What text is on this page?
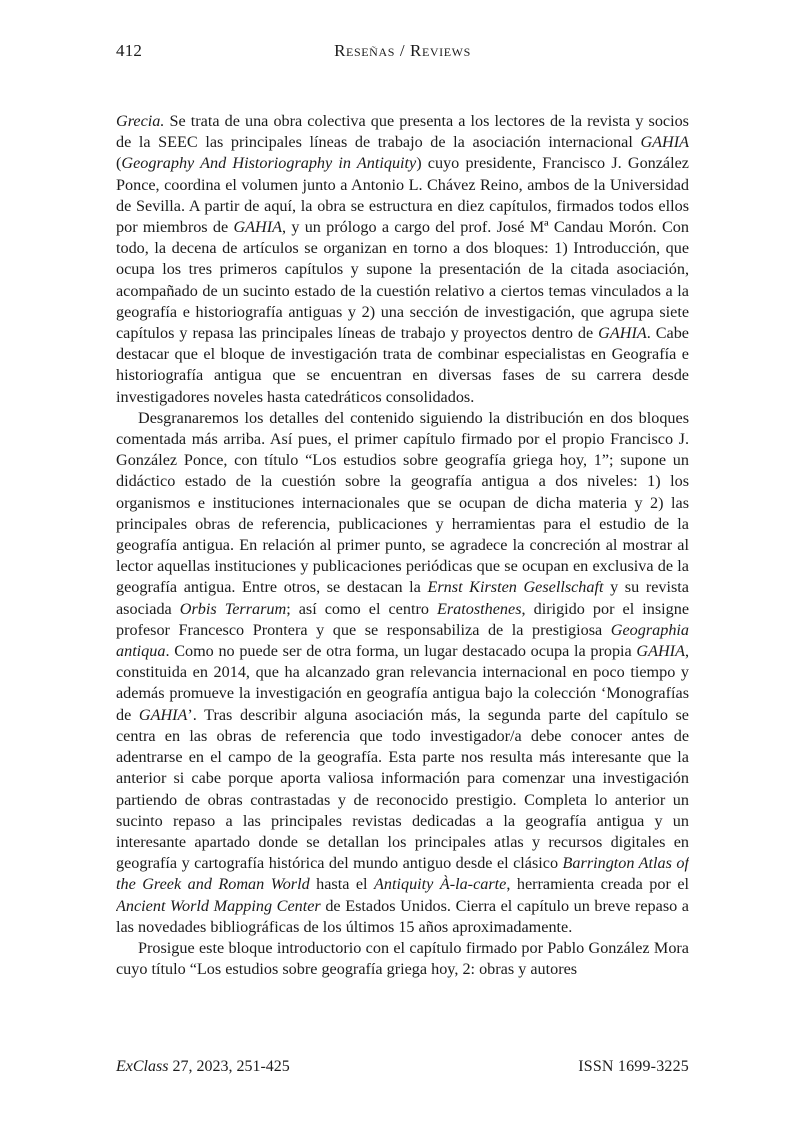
412	Reseñas / Reviews

Grecia. Se trata de una obra colectiva que presenta a los lectores de la revista y socios de la SEEC las principales líneas de trabajo de la asociación internacional GAHIA (Geography And Historiography in Antiquity) cuyo presidente, Francisco J. González Ponce, coordina el volumen junto a Antonio L. Chávez Reino, ambos de la Universidad de Sevilla. A partir de aquí, la obra se estructura en diez capítulos, firmados todos ellos por miembros de GAHIA, y un prólogo a cargo del prof. José Mª Candau Morón. Con todo, la decena de artículos se organizan en torno a dos bloques: 1) Introducción, que ocupa los tres primeros capítulos y supone la presentación de la citada asociación, acompañado de un sucinto estado de la cuestión relativo a ciertos temas vinculados a la geografía e historiografía antiguas y 2) una sección de investigación, que agrupa siete capítulos y repasa las principales líneas de trabajo y proyectos dentro de GAHIA. Cabe destacar que el bloque de investigación trata de combinar especialistas en Geografía e historiografía antigua que se encuentran en diversas fases de su carrera desde investigadores noveles hasta catedráticos consolidados.

Desgranaremos los detalles del contenido siguiendo la distribución en dos bloques comentada más arriba. Así pues, el primer capítulo firmado por el propio Francisco J. González Ponce, con título “Los estudios sobre geografía griega hoy, 1”; supone un didáctico estado de la cuestión sobre la geografía antigua a dos niveles: 1) los organismos e instituciones internacionales que se ocupan de dicha materia y 2) las principales obras de referencia, publicaciones y herramientas para el estudio de la geografía antigua. En relación al primer punto, se agradece la concreción al mostrar al lector aquellas instituciones y publicaciones periódicas que se ocupan en exclusiva de la geografía antigua. Entre otros, se destacan la Ernst Kirsten Gesellschaft y su revista asociada Orbis Terrarum; así como el centro Eratosthenes, dirigido por el insigne profesor Francesco Prontera y que se responsabiliza de la prestigiosa Geographia antiqua. Como no puede ser de otra forma, un lugar destacado ocupa la propia GAHIA, constituida en 2014, que ha alcanzado gran relevancia internacional en poco tiempo y además promueve la investigación en geografía antigua bajo la colección ‘Monografías de GAHIA’. Tras describir alguna asociación más, la segunda parte del capítulo se centra en las obras de referencia que todo investigador/a debe conocer antes de adentrarse en el campo de la geografía. Esta parte nos resulta más interesante que la anterior si cabe porque aporta valiosa información para comenzar una investigación partiendo de obras contrastadas y de reconocido prestigio. Completa lo anterior un sucinto repaso a las principales revistas dedicadas a la geografía antigua y un interesante apartado donde se detallan los principales atlas y recursos digitales en geografía y cartografía histórica del mundo antiguo desde el clásico Barrington Atlas of the Greek and Roman World hasta el Antiquity À-la-carte, herramienta creada por el Ancient World Mapping Center de Estados Unidos. Cierra el capítulo un breve repaso a las novedades bibliográficas de los últimos 15 años aproximadamente.

Prosigue este bloque introductorio con el capítulo firmado por Pablo González Mora cuyo título “Los estudios sobre geografía griega hoy, 2: obras y autores

ExClass 27, 2023, 251-425	ISSN 1699-3225
